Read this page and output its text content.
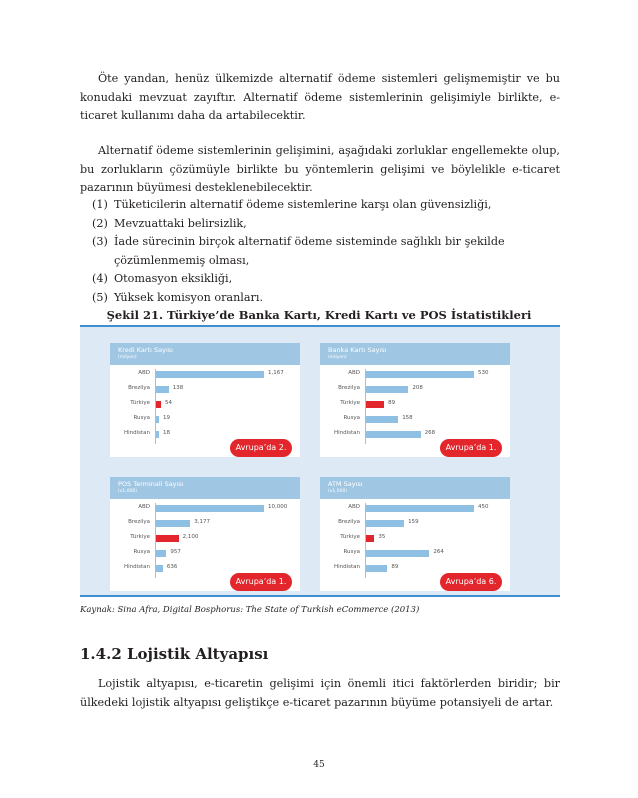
Öte yandan, henüz ülkemizde alternatif ödeme sistemleri gelişmemiştir ve bu konudaki mevzuat zayıftır. Alternatif ödeme sistemlerinin gelişimiyle birlikte, e-ticaret kullanımı daha da artabilecektir.

Alternatif ödeme sistemlerinin gelişimini, aşağıdaki zorluklar engellemekte olup, bu zorlukların çözümüyle birlikte bu yöntemlerin gelişimi ve böylelikle e-ticaret pazarının büyümesi desteklenebilecektir.

(1) Tüketicilerin alternatif ödeme sistemlerine karşı olan güvensizliği,
(2) Mevzuattaki belirsizlik,
(3) İade sürecinin birçok alternatif ödeme sisteminde sağlıklı bir şekilde çözümlenmemiş olması,
(4) Otomasyon eksikliği,
(5) Yüksek komisyon oranları.

Şekil 21. Türkiye’de Banka Kartı, Kredi Kartı ve POS İstatistikleri

Kredi Kartı Sayısı
(milyon)
ABD	1,167
Brezilya	138
Türkiye	54
Rusya 19
Hindistan 18
Avrupa’da 2.
Banka Kartı Sayısı
(milyon)
ABD	530
Brezilya	208
Türkiye	89
Rusya	158
Hindistan	268
Avrupa’da 1.
POS Terminali Sayısı
(x1,000)
ABD	10,000
Brezilya	3,177
Türkiye	2,100
Rusya	957
Hindistan	636
Avrupa’da 1.
ATM Sayısı
(x1,000)
ABD	450
Brezilya	159
Türkiye	35
Rusya	264
Hindistan	89
Avrupa’da 6.

Kaynak: Sina Afra, Digital Bosphorus: The State of Turkish eCommerce (2013)

1.4.2 Lojistik Altyapısı

Lojistik altyapısı, e-ticaretin gelişimi için önemli itici faktörlerden biridir; bir ülkedeki lojistik altyapısı geliştikçe e-ticaret pazarının büyüme potansiyeli de artar.

45
